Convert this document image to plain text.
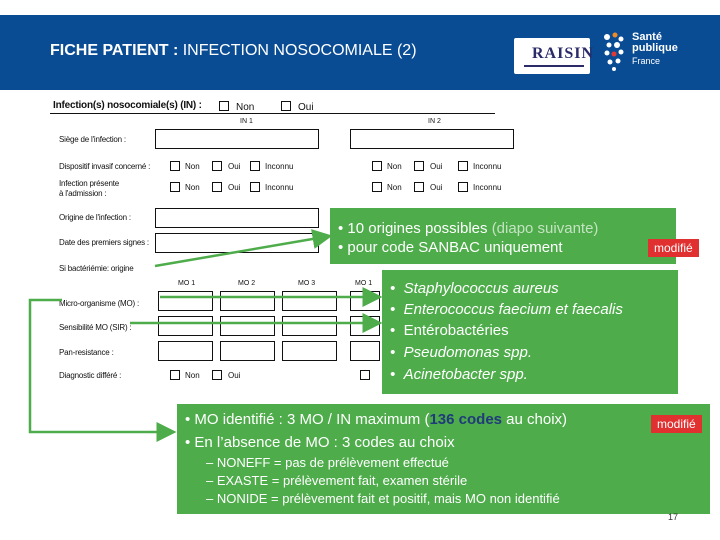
FICHE PATIENT : INFECTION NOSOCOMIALE (2)	RAISIN
Santé
publique
France
Infection(s) nosocomiale(s) (IN) :	Non	Oui
IN 1	IN 2
Siège de l'infection :
Dispositif invasif concerné :	Non	Oui	Inconnu	Non	Oui	Inconnu
Infection présente
à l'admission :
Non	Oui	Inconnu	Non	Oui	Inconnu
Origine de l'infection :
Date des premiers signes :
Si bactériémie: origine
MO 1	MO 2	MO 3	MO 1
Micro-organisme (MO) :
Sensibilité MO (SIR) :
Pan-resistance :
Diagnostic différé :	Non	Oui
• 10 origines possibles (diapo suivante)
• pour code SANBAC uniquement	modifié
•  Staphylococcus aureus
•  Enterococcus faecium et faecalis
•  Entérobactéries
•  Pseudomonas spp.
•  Acinetobacter spp.
• MO identifié : 3 MO / IN maximum (136 codes au choix)
• En l’absence de MO : 3 codes au choix
– NONEFF = pas de prélèvement effectué
– EXASTE = prélèvement fait, examen stérile
– NONIDE = prélèvement fait et positif, mais MO non identifié
modifié
17
